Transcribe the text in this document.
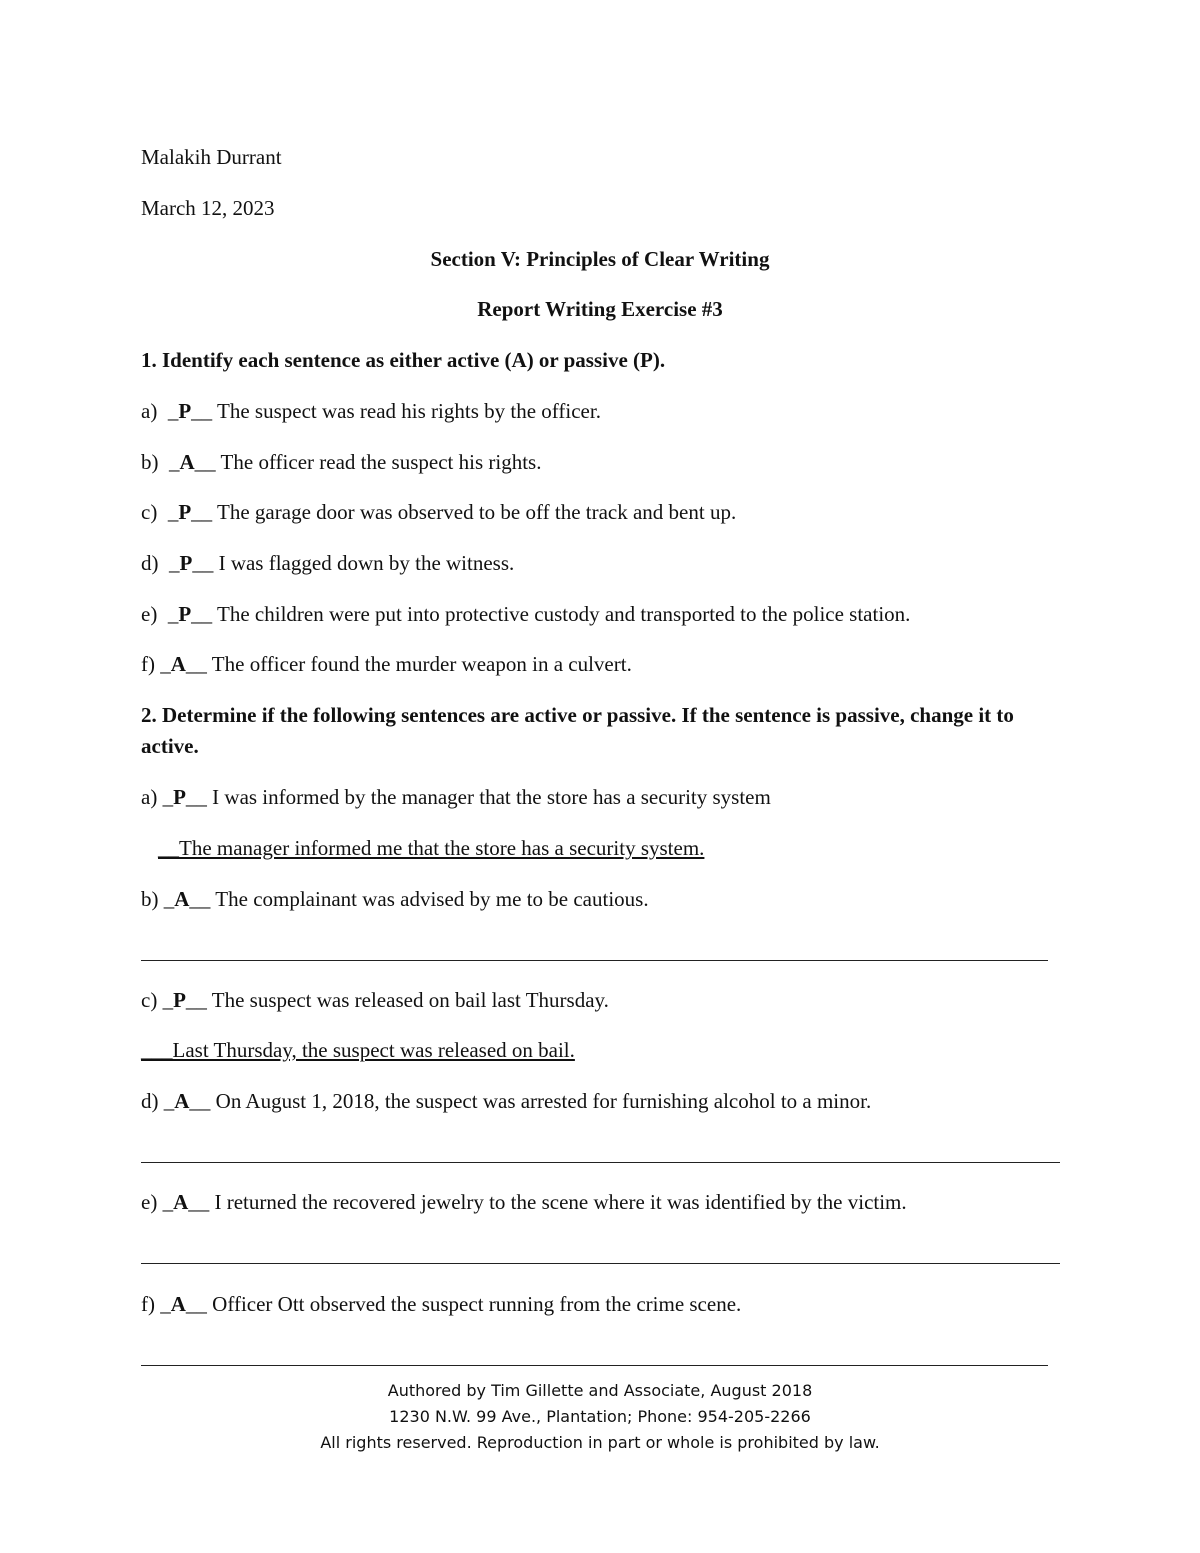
Malakih Durrant
March 12, 2023
Section V: Principles of Clear Writing
Report Writing Exercise #3
1. Identify each sentence as either active (A) or passive (P).
a) _P__ The suspect was read his rights by the officer.
b) _A__ The officer read the suspect his rights.
c) _P__ The garage door was observed to be off the track and bent up.
d) _P__ I was flagged down by the witness.
e) _P__ The children were put into protective custody and transported to the police station.
f) _A__ The officer found the murder weapon in a culvert.
2. Determine if the following sentences are active or passive. If the sentence is passive, change it to active.
a) _P__ I was informed by the manager that the store has a security system
__The manager informed me that the store has a security system.
b) _A__ The complainant was advised by me to be cautious.
c) _P__ The suspect was released on bail last Thursday.
___Last Thursday, the suspect was released on bail.
d) _A__ On August 1, 2018, the suspect was arrested for furnishing alcohol to a minor.
e) _A__ I returned the recovered jewelry to the scene where it was identified by the victim.
f) _A__ Officer Ott observed the suspect running from the crime scene.
Authored by Tim Gillette and Associate, August 2018
1230 N.W. 99 Ave., Plantation; Phone: 954-205-2266
All rights reserved. Reproduction in part or whole is prohibited by law.
